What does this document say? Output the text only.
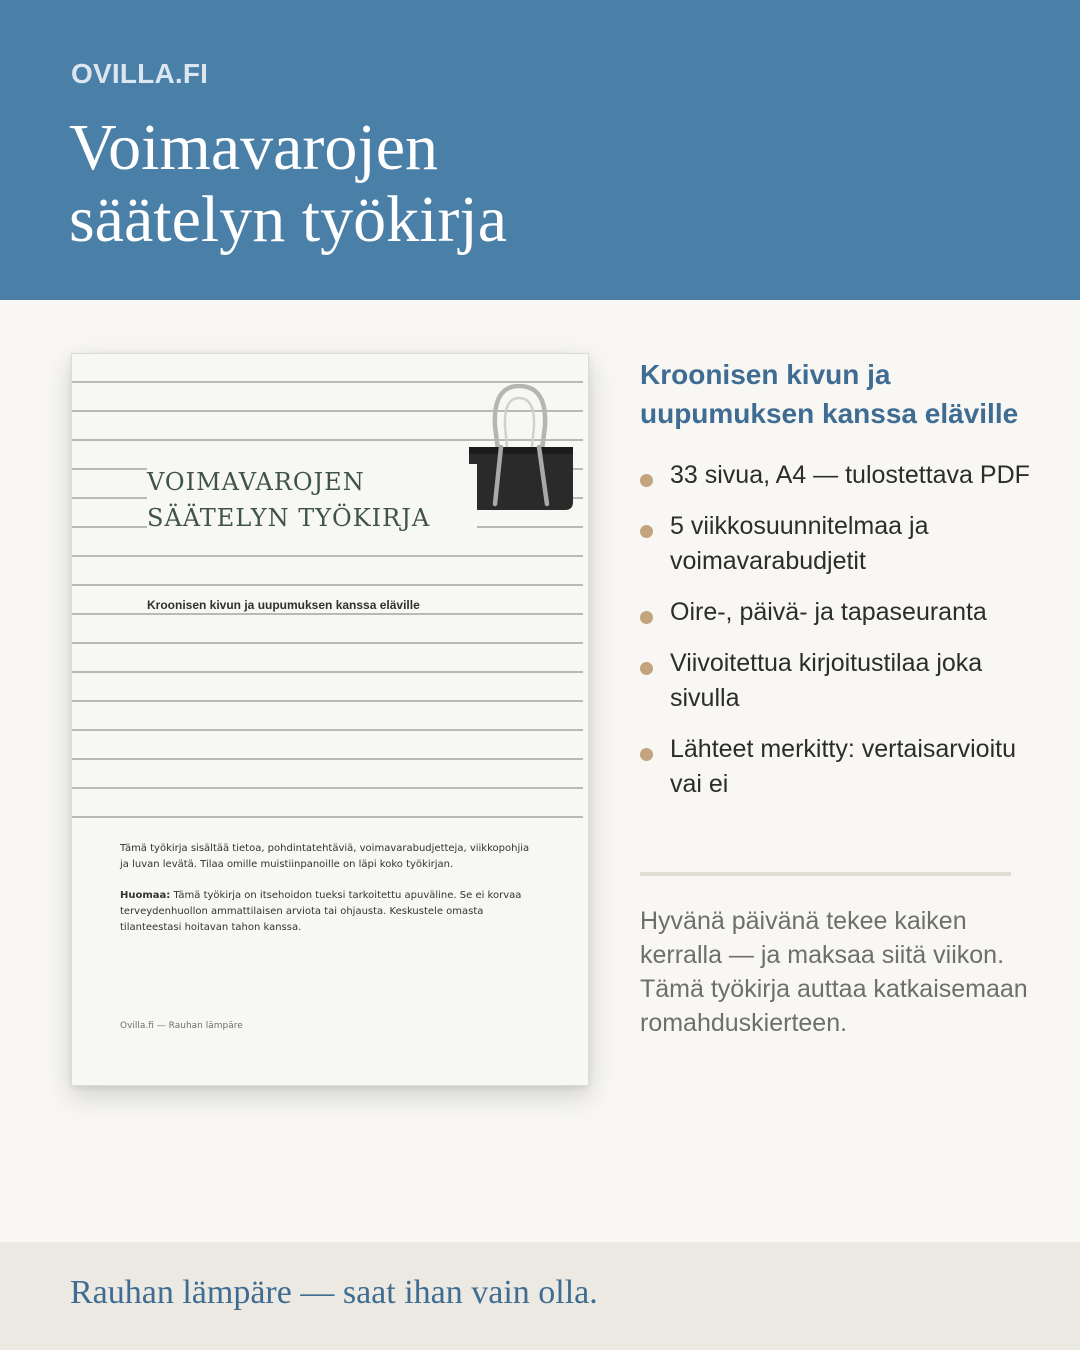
OVILLA.FI
Voimavarojen
säätelyn työkirja
VOIMAVAROJEN
SÄÄTELYN TYÖKIRJA
Kroonisen kivun ja uupumuksen kanssa eläville

Tämä työkirja sisältää tietoa, pohdintatehtäviä, voimavarabudjetteja, viikkopohjia ja luvan levätä. Tilaa omille muistiinpanoille on läpi koko työkirjan.

Huomaa: Tämä työkirja on itsehoidon tueksi tarkoitettu apuväline. Se ei korvaa terveydenhuollon ammattilaisen arviota tai ohjausta. Keskustele omasta tilanteestasi hoitavan tahon kanssa.

Ovilla.fi — Rauhan lämpäre
Kroonisen kivun ja uupumuksen kanssa eläville
33 sivua, A4 — tulostettava PDF
5 viikkosuunnitelmaa ja voimavarabudjetit
Oire-, päivä- ja tapaseuranta
Viivoitettua kirjoitustilaa joka sivulla
Lähteet merkitty: vertaisarvioitu vai ei
Hyvänä päivänä tekee kaiken kerralla — ja maksaa siitä viikon. Tämä työkirja auttaa katkaisemaan romahduskierteen.
Rauhan lämpäre — saat ihan vain olla.
